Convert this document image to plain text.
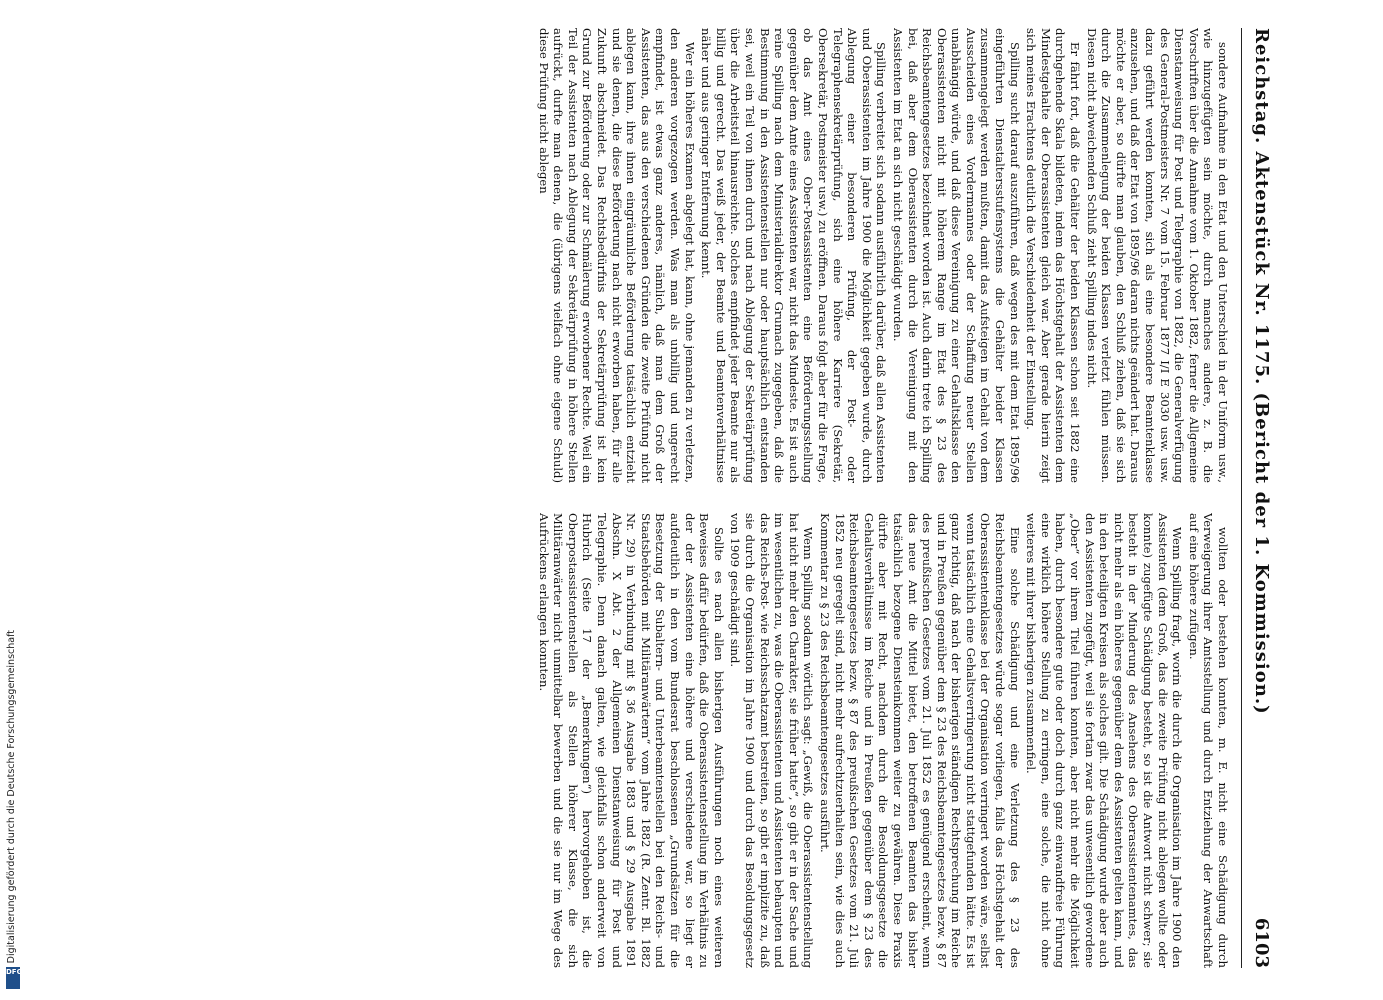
Digitalisierung gefördert durch die Deutsche Forschungsgemeinschaft
DFG
Reichstag. Aktenstück Nr. 1175. (Bericht der 1. Kommission.)
6103

sondere Aufnahme in den Etat und den Unterschied in der Uniform usw., wie hinzugefügten sein möchte, durch manches andere, z. B. die Vorschriften über die Annahme vom 1. Oktober 1882, ferner die Allgemeine Dienstanweisung für Post und Telegraphie von 1882, die Generalverfügung des General-Postmeisters Nr. 7 vom 15. Februar 1877 I/I E 3030 usw. usw. dazu geführt werden konnten, sich als eine besondere Beamtenklasse anzusehen, und daß der Etat von 1895/96 daran nichts geändert hat. Daraus möchte er aber, so dürfte man glauben, den Schluß ziehen, daß sie sich durch die Zusammenlegung der beiden Klassen verletzt fühlen müssen. Diesen nicht abweichenden Schluß zieht Spilling indes nicht.

Er fährt fort, daß die Gehälter der beiden Klassen schon seit 1882 eine durchgehende Skala bildeten, indem das Höchstgehalt der Assistenten dem Mindestgehalte der Oberassistenten gleich war. Aber gerade hierin zeigt sich meines Erachtens deutlich die Verschiedenheit der Einstellung.

Spilling sucht darauf auszuführen, daß wegen des mit dem Etat 1895/96 eingeführten Dienstaltersstufensystems die Gehälter beider Klassen zusammengelegt werden mußten, damit das Aufsteigen im Gehalt von dem Ausscheiden eines Vordermannes oder der Schaffung neuer Stellen unabhängig würde, und daß diese Vereinigung zu einer Gehaltsklasse den Oberassistenten nicht mit höherem Range im Etat des § 23 des Reichsbeamtengesetzes bezeichnet worden ist. Auch darin trete ich Spilling bei, daß aber dem Oberassistenten durch die Vereinigung mit den Assistenten im Etat an sich nicht geschädigt wurden.

Spilling verbreitet sich sodann ausführlich darüber, daß allen Assistenten und Oberassistenten im Jahre 1900 die Möglichkeit gegeben wurde, durch Ablegung einer besonderen Prüfung, der Post- oder Telegraphensekretärprüfung, sich eine höhere Karriere (Sekretär, Obersekretär, Postmeister usw.) zu eröffnen. Daraus folgt aber für die Frage, ob das Amt eines Ober-Postassistenten eine Beförderungsstellung gegenüber dem Amte eines Assistenten war, nicht das Mindeste. Es ist auch reine Spilling nach dem Ministerialdirektor Grumach zugegeben, daß die Bestimmung in den Assistentenstellen nur oder hauptsächlich entstanden sei, weil ein Teil von ihnen durch und nach Ablegung der Sekretärprüfung über die Arbeitsteil hinausreichte. Solches empfindet jeder Beamte nur als billig und gerecht. Das weiß jeder, der Beamte und Beamtenverhältnisse näher und aus geringer Entfernung kennt.

Wer ein höheres Examen abgelegt hat, kann, ohne jemanden zu verletzen, den anderen vorgezogen werden. Was man als unbillig und ungerecht empfindet, ist etwas ganz anderes, nämlich, daß man dem Groß der Assistenten, das aus den verschiedenen Gründen die zweite Prüfung nicht ablegen kann, ihre ihnen eingräumliche Beförderung tatsächlich entzieht und sie denen, die diese Beförderung nach nicht erworben haben, für alle Zukunft abschneidet. Das Rechtsbedürfnis der Sekretärprüfung ist kein Grund zur Beförderung oder zur Schmälerung erworbener Rechte. Weil ein Teil der Assistenten nach Ablegung der Sekretärprüfung in höhere Stellen aufrückt, durfte man denen, die (übrigens vielfach ohne eigene Schuld) diese Prüfung nicht ablegen

wollten oder bestehen konnten, m. E. nicht eine Schädigung durch Verweigerung ihrer Amtsstellung und durch Entziehung der Anwartschaft auf eine höhere zufügen.

Wenn Spilling fragt, worin die durch die Organisation im Jahre 1900 den Assistenten (dem Groß, das die zweite Prüfung nicht ablegen wollte oder konnte) zugefügte Schädigung besteht, so ist die Antwort nicht schwer; sie besteht in der Minderung des Ansehens des Oberassistentenamtes, das nicht mehr als ein höheres gegenüber dem des Assistenten gelten kann, und in den beteiligten Kreisen als solches gilt. Die Schädigung wurde aber auch den Assistenten zugefügt, weil sie fortan zwar das unwesentlich gewordene „Ober“ vor ihrem Titel führen konnten, aber nicht mehr die Möglichkeit haben, durch besondere gute oder doch durch ganz einwandfreie Führung eine wirklich höhere Stellung zu erringen, eine solche, die nicht ohne weiteres mit ihrer bisherigen zusammenfiel.

Eine solche Schädigung und eine Verletzung des § 23 des Reichsbeamtengesetzes würde sogar vorliegen, falls das Höchstgehalt der Oberassistentenklasse bei der Organisation verringert worden wäre, selbst wenn tatsächlich eine Gehaltsverringerung nicht stattgefunden hätte. Es ist ganz richtig, daß nach der bisherigen ständigen Rechtsprechung im Reiche und in Preußen gegenüber dem § 23 des Reichsbeamtengesetzes bezw. § 87 des preußischen Gesetzes vom 21. Juli 1852 es genügend erscheint, wenn das neue Amt die Mittel bietet, den betroffenen Beamten das bisher tatsächlich bezogene Diensteinkommen weiter zu gewähren. Diese Praxis dürfte aber mit Recht, nachdem durch die Besoldungsgesetze die Gehaltsverhältnisse im Reiche und in Preußen gegenüber dem § 23 des Reichsbeamtengesetzes bezw. § 87 des preußischen Gesetzes vom 21. Juli 1852 neu geregelt sind, nicht mehr aufrechtzuerhalten sein, wie dies auch Kommentar zu § 23 des Reichsbeamtengesetzes ausführt.

Wenn Spilling sodann wörtlich sagt: „Gewiß, die Oberassistentenstellung hat nicht mehr den Charakter, sie früher hatte“, so gibt er in der Sache und im wesentlichen zu, was die Oberassistenten und Assistenten behaupten und das Reichs-Post- wie Reichsschatzamt bestreiten, so gibt er implizite zu, daß sie durch die Organisation im Jahre 1900 und durch das Besoldungsgesetz von 1909 geschädigt sind.

Sollte es nach allen bisherigen Ausführungen noch eines weiteren Beweises dafür bedürfen, daß die Oberassistentenstellung im Verhältnis zu der der Assistenten eine höhere und verschiedene war, so liegt er aufdeutlich in den vom Bundesrat beschlossenen „Grundsätzen für die Besetzung der Subaltern- und Unterbeamtenstellen bei den Reichs- und Staatsbehörden mit Militäranwärtern“ vom Jahre 1882 (R. Zentr. Bl. 1882 Nr. 29) in Verbindung mit § 36 Ausgabe 1883 und § 29 Ausgabe 1891 Abschn. X Abt. 2 der Allgemeinen Dienstanweisung für Post und Telegraphie. Denn danach galten, wie gleichfalls schon anderweit von Hubrich (Seite 17 der „Bemerkungen“) hervorgehoben ist, die Oberpostassistentenstellen als Stellen höherer Klasse, die sich Militäranwärter nicht unmittelbar bewerben und die sie nur im Wege des Aufrückens erlangen konnten.
